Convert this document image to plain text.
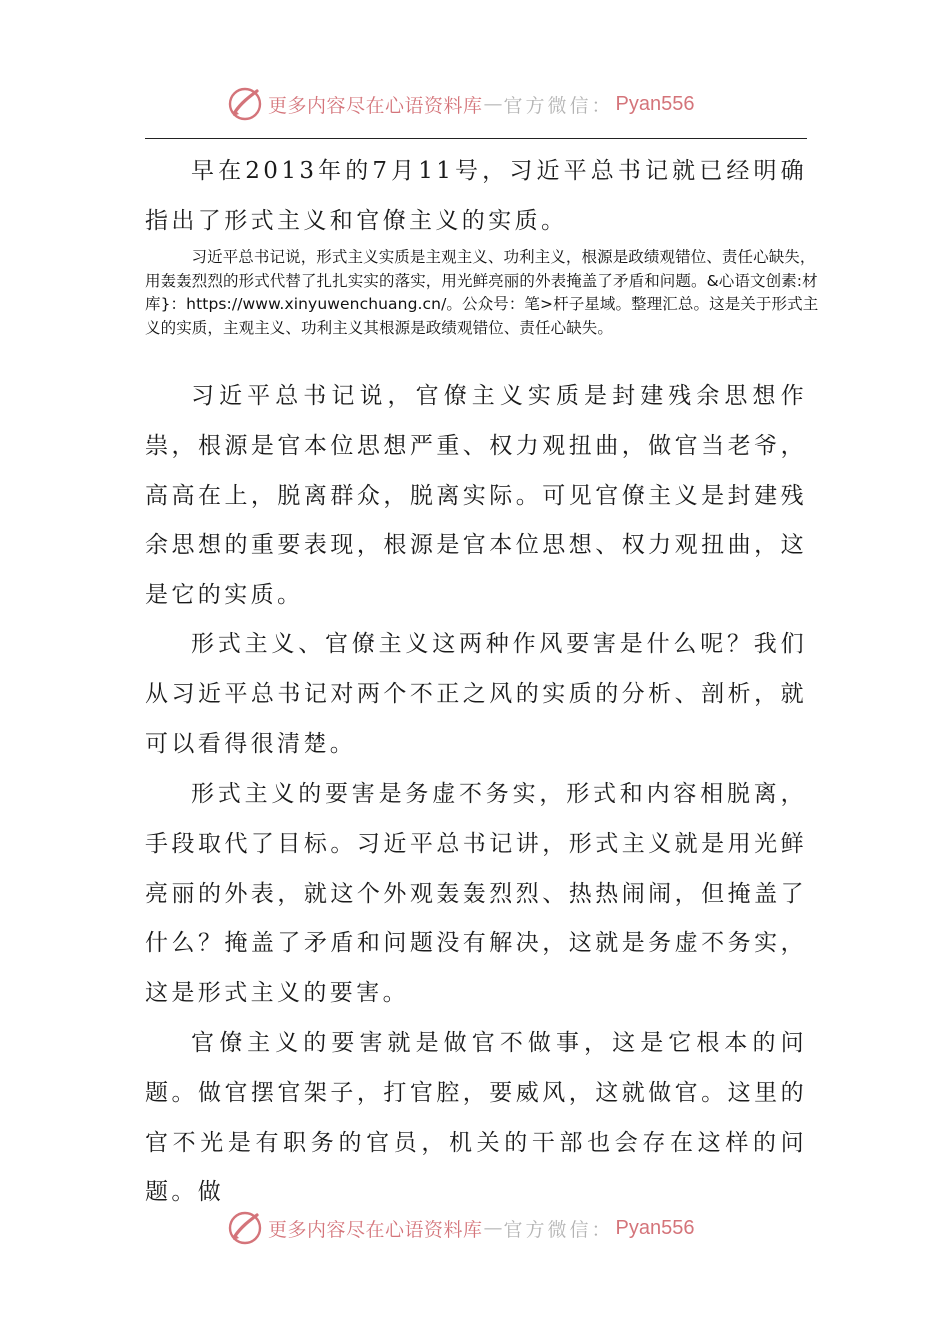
更多内容尽在心语资料库 — 官方微信： Pyan556

早在2013年的7月11号，习近平总书记就已经明确指出了形式主义和官僚主义的实质。

习近平总书记说，形式主义实质是主观主义、功利主义，根源是政绩观错位、责任心缺失，用轰轰烈烈的形式代替了扎扎实实的落实，用光鲜亮丽的外表掩盖了矛盾和问题。&心语文创素:材库}：https://www.xinyuwenchuang.cn/。公众号：笔>杆子星域。整理汇总。这是关于形式主义的实质，主观主义、功利主义其根源是政绩观错位、责任心缺失。

习近平总书记说，官僚主义实质是封建残余思想作祟，根源是官本位思想严重、权力观扭曲，做官当老爷，高高在上，脱离群众，脱离实际。可见官僚主义是封建残余思想的重要表现，根源是官本位思想、权力观扭曲，这是它的实质。

形式主义、官僚主义这两种作风要害是什么呢？我们从习近平总书记对两个不正之风的实质的分析、剖析，就可以看得很清楚。

形式主义的要害是务虚不务实，形式和内容相脱离，手段取代了目标。习近平总书记讲，形式主义就是用光鲜亮丽的外表，就这个外观轰轰烈烈、热热闹闹，但掩盖了什么？掩盖了矛盾和问题没有解决，这就是务虚不务实，这是形式主义的要害。

官僚主义的要害就是做官不做事，这是它根本的问题。做官摆官架子，打官腔，要威风，这就做官。这里的官不光是有职务的官员，机关的干部也会存在这样的问题。做

更多内容尽在心语资料库 — 官方微信： Pyan556
